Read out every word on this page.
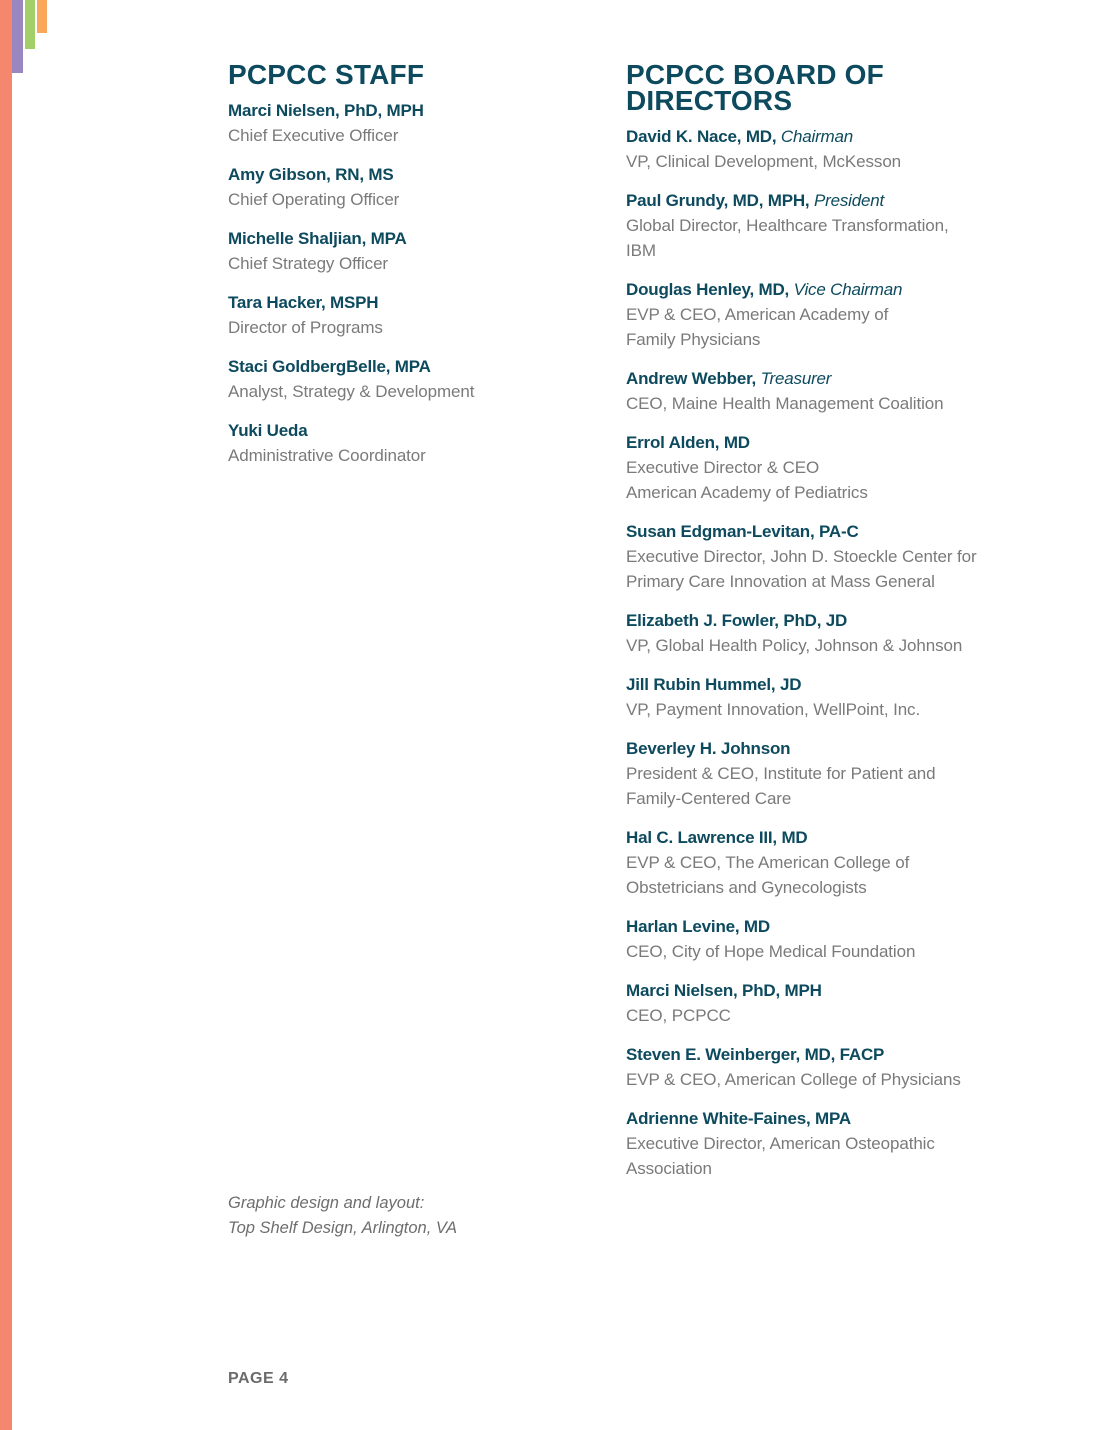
PCPCC STAFF
Marci Nielsen, PhD, MPH
Chief Executive Officer
Amy Gibson, RN, MS
Chief Operating Officer
Michelle Shaljian, MPA
Chief Strategy Officer
Tara Hacker, MSPH
Director of Programs
Staci GoldbergBelle, MPA
Analyst, Strategy & Development
Yuki Ueda
Administrative Coordinator
PCPCC BOARD OF
DIRECTORS
David K. Nace, MD, Chairman
VP, Clinical Development, McKesson
Paul Grundy, MD, MPH, President
Global Director, Healthcare Transformation,
IBM
Douglas Henley, MD, Vice Chairman
EVP & CEO, American Academy of
Family Physicians
Andrew Webber, Treasurer
CEO, Maine Health Management Coalition
Errol Alden, MD
Executive Director & CEO
American Academy of Pediatrics
Susan Edgman-Levitan, PA-C
Executive Director, John D. Stoeckle Center for
Primary Care Innovation at Mass General
Elizabeth J. Fowler, PhD, JD
VP, Global Health Policy, Johnson & Johnson
Jill Rubin Hummel, JD
VP, Payment Innovation, WellPoint, Inc.
Beverley H. Johnson
President & CEO, Institute for Patient and
Family-Centered Care
Hal C. Lawrence III, MD
EVP & CEO, The American College of
Obstetricians and Gynecologists
Harlan Levine, MD
CEO, City of Hope Medical Foundation
Marci Nielsen, PhD, MPH
CEO, PCPCC
Steven E. Weinberger, MD, FACP
EVP & CEO, American College of Physicians
Adrienne White-Faines, MPA
Executive Director, American Osteopathic
Association
Graphic design and layout:
Top Shelf Design, Arlington, VA
PAGE 4
